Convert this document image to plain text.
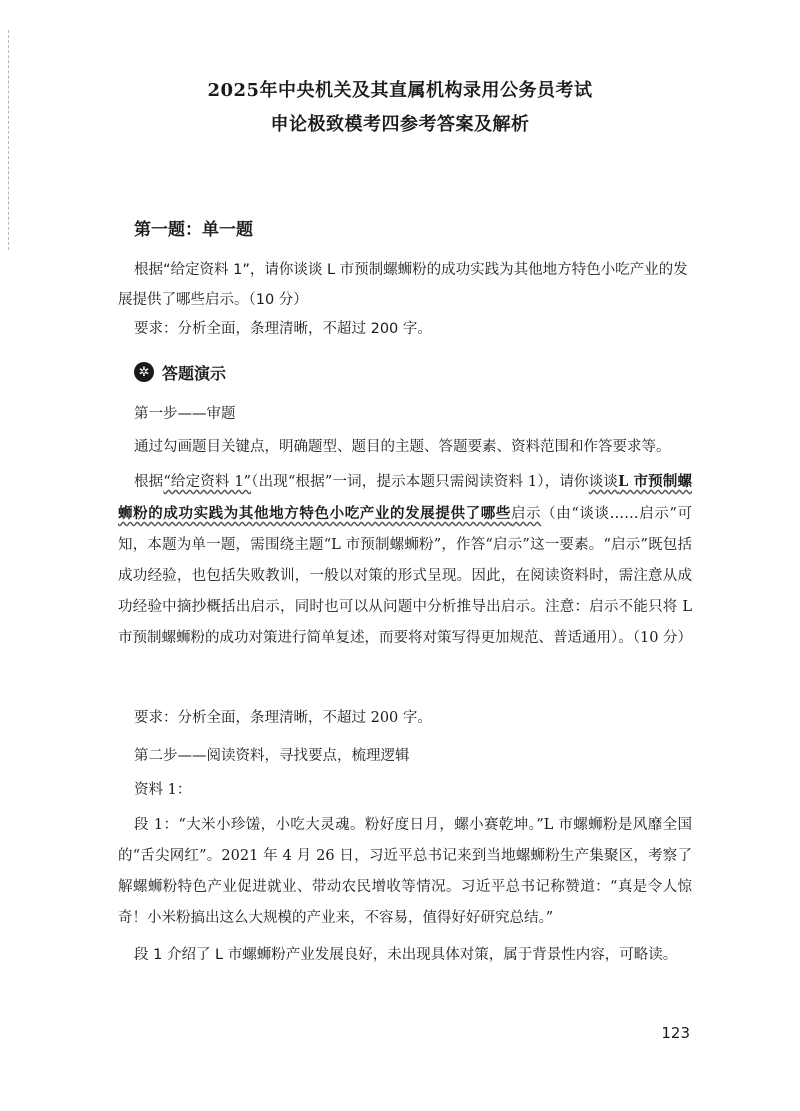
2025年中央机关及其直属机构录用公务员考试
申论极致模考四参考答案及解析
第一题：单一题
根据“给定资料 1”，请你谈谈 L 市预制螺蛳粉的成功实践为其他地方特色小吃产业的发展提供了哪些启示。（10 分）
要求：分析全面，条理清晰，不超过 200 字。
✲ 答题演示
第一步——审题
通过勾画题目关键点，明确题型、题目的主题、答题要素、资料范围和作答要求等。
根据“给定资料 1”（出现“根据”一词，提示本题只需阅读资料 1），请你谈谈L 市预制螺蛳粉的成功实践为其他地方特色小吃产业的发展提供了哪些启示（由“谈谈……启示”可知，本题为单一题，需围绕主题“L 市预制螺蛳粉”，作答“启示”这一要素。“启示”既包括成功经验，也包括失败教训，一般以对策的形式呈现。因此，在阅读资料时，需注意从成功经验中摘抄概括出启示，同时也可以从问题中分析推导出启示。注意：启示不能只将 L 市预制螺蛳粉的成功对策进行简单复述，而要将对策写得更加规范、普适通用）。（10 分）
要求：分析全面，条理清晰，不超过 200 字。
第二步——阅读资料，寻找要点，梳理逻辑
资料 1：
段 1：“大米小珍馐，小吃大灵魂。粉好度日月，螺小赛乾坤。”L 市螺蛳粉是风靡全国的“舌尖网红”。2021 年 4 月 26 日，习近平总书记来到当地螺蛳粉生产集聚区，考察了解螺蛳粉特色产业促进就业、带动农民增收等情况。习近平总书记称赞道：“真是令人惊奇！小米粉搞出这么大规模的产业来，不容易，值得好好研究总结。”
段 1 介绍了 L 市螺蛳粉产业发展良好，未出现具体对策，属于背景性内容，可略读。
123
